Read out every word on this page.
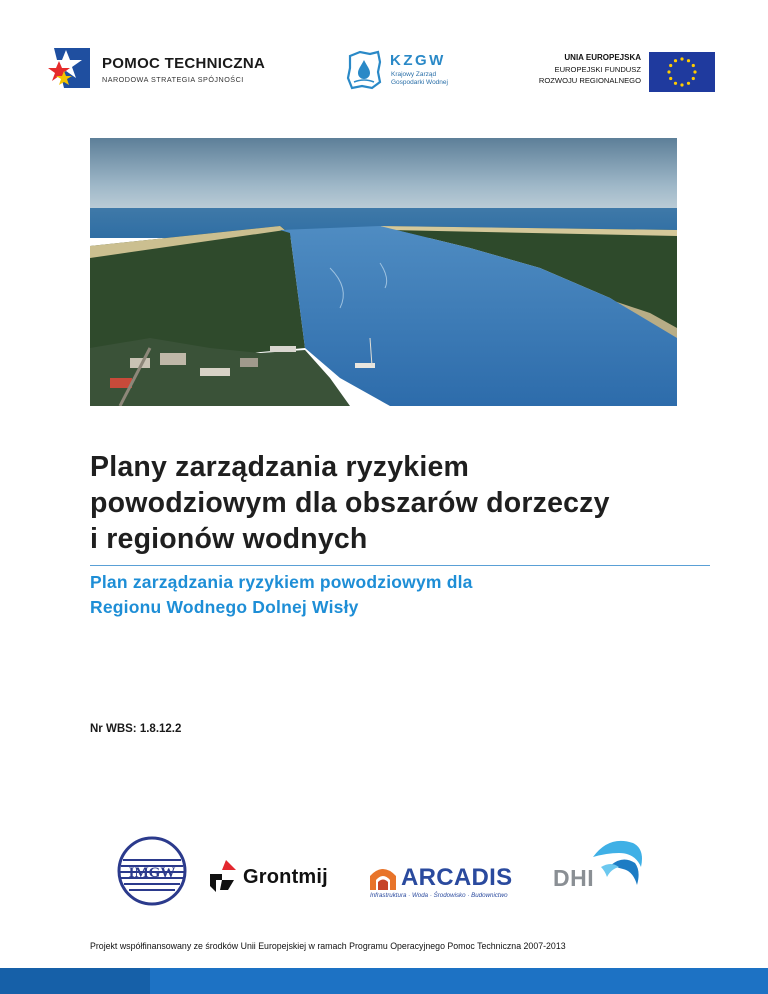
POMOC TECHNICZNA
NARODOWA STRATEGIA SPÓJNOŚCI
KZGW
Krajowy Zarząd
Gospodarki Wodnej
UNIA EUROPEJSKA
EUROPEJSKI FUNDUSZ
ROZWOJU REGIONALNEGO
Plany zarządzania ryzykiem
powodziowym dla obszarów dorzeczy
i regionów wodnych
Plan zarządzania ryzykiem powodziowym dla
Regionu Wodnego Dolnej Wisły
Nr WBS: 1.8.12.2
IMGW	Grontmij	ARCADIS
Infrastruktura · Woda · Środowisko · Budownictwo
DHI
Projekt współfinansowany ze środków Unii Europejskiej w ramach Programu Operacyjnego Pomoc Techniczna 2007-2013
